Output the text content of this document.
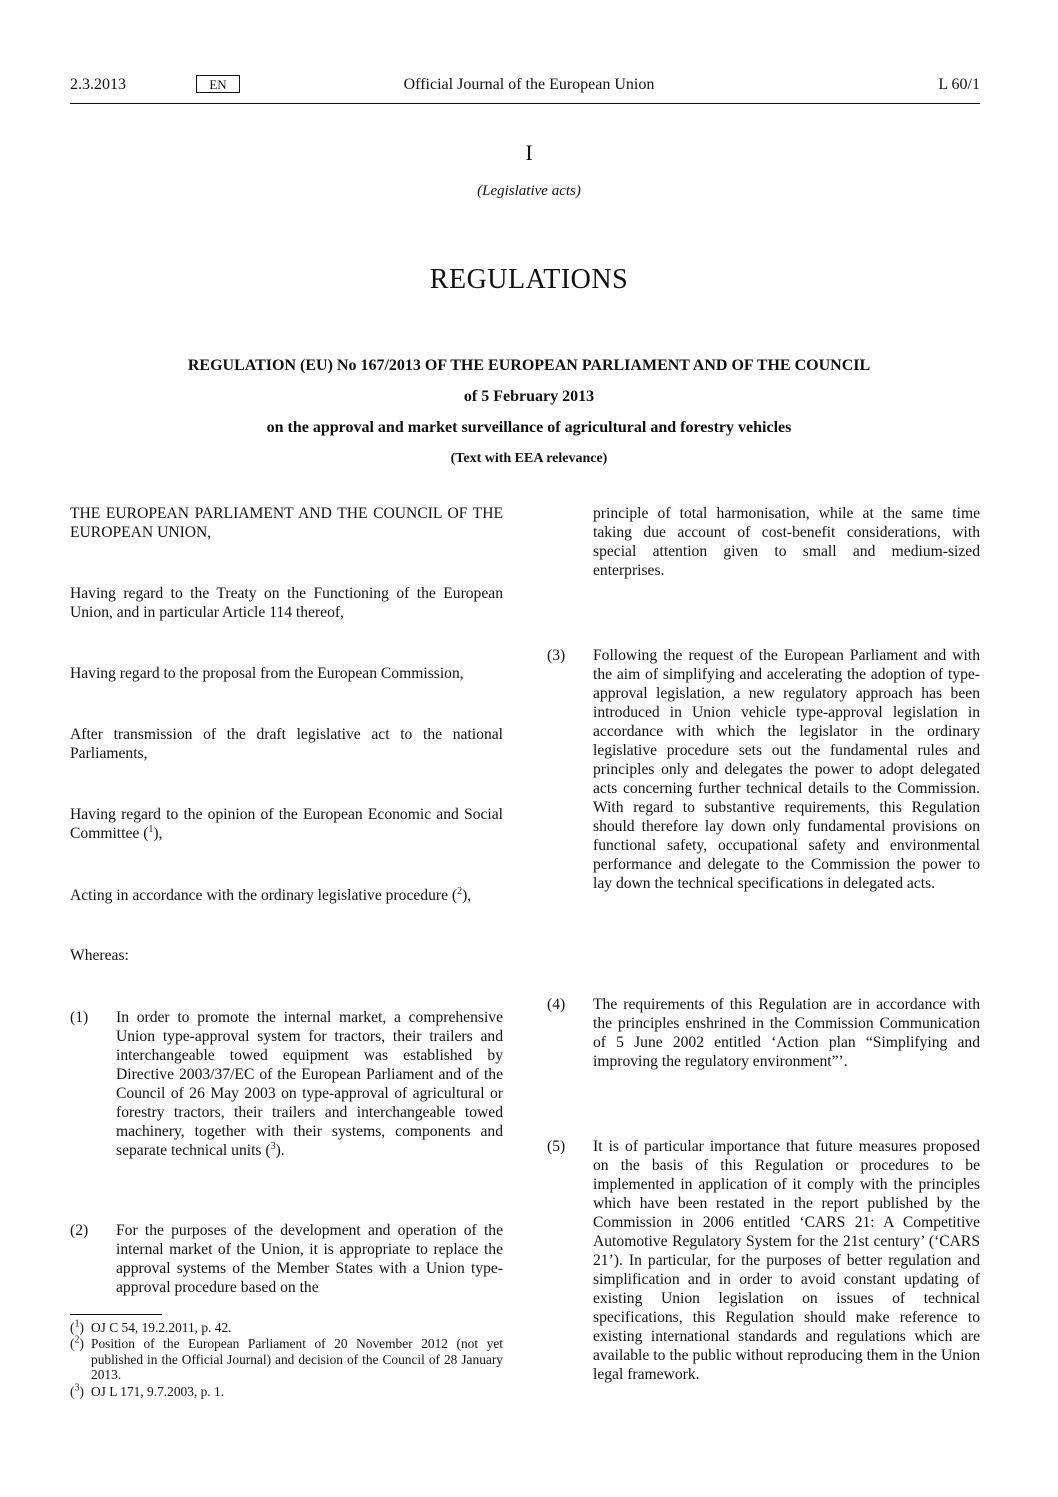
2.3.2013	EN	Official Journal of the European Union	L 60/1
I
(Legislative acts)
REGULATIONS
REGULATION (EU) No 167/2013 OF THE EUROPEAN PARLIAMENT AND OF THE COUNCIL
of 5 February 2013
on the approval and market surveillance of agricultural and forestry vehicles
(Text with EEA relevance)
THE EUROPEAN PARLIAMENT AND THE COUNCIL OF THE EUROPEAN UNION,
Having regard to the Treaty on the Functioning of the European Union, and in particular Article 114 thereof,
Having regard to the proposal from the European Commission,
After transmission of the draft legislative act to the national Parliaments,
Having regard to the opinion of the European Economic and Social Committee ($^1$),
Acting in accordance with the ordinary legislative procedure ($^2$),
Whereas:
(1) In order to promote the internal market, a comprehensive Union type-approval system for tractors, their trailers and interchangeable towed equipment was established by Directive 2003/37/EC of the European Parliament and of the Council of 26 May 2003 on type-approval of agricultural or forestry tractors, their trailers and interchangeable towed machinery, together with their systems, components and separate technical units ($^3$).
(2) For the purposes of the development and operation of the internal market of the Union, it is appropriate to replace the approval systems of the Member States with a Union type-approval procedure based on the
($^1$) OJ C 54, 19.2.2011, p. 42.
($^2$) Position of the European Parliament of 20 November 2012 (not yet published in the Official Journal) and decision of the Council of 28 January 2013.
($^3$) OJ L 171, 9.7.2003, p. 1.
principle of total harmonisation, while at the same time taking due account of cost-benefit considerations, with special attention given to small and medium-sized enterprises.
(3) Following the request of the European Parliament and with the aim of simplifying and accelerating the adoption of type-approval legislation, a new regulatory approach has been introduced in Union vehicle type-approval legislation in accordance with which the legislator in the ordinary legislative procedure sets out the fundamental rules and principles only and delegates the power to adopt delegated acts concerning further technical details to the Commission. With regard to substantive requirements, this Regulation should therefore lay down only fundamental provisions on functional safety, occupational safety and environmental performance and delegate to the Commission the power to lay down the technical specifications in delegated acts.
(4) The requirements of this Regulation are in accordance with the principles enshrined in the Commission Communication of 5 June 2002 entitled ‘Action plan “Simplifying and improving the regulatory environment”’.
(5) It is of particular importance that future measures proposed on the basis of this Regulation or procedures to be implemented in application of it comply with the principles which have been restated in the report published by the Commission in 2006 entitled ‘CARS 21: A Competitive Automotive Regulatory System for the 21st century’ (‘CARS 21’). In particular, for the purposes of better regulation and simplification and in order to avoid constant updating of existing Union legislation on issues of technical specifications, this Regulation should make reference to existing international standards and regulations which are available to the public without reproducing them in the Union legal framework.
